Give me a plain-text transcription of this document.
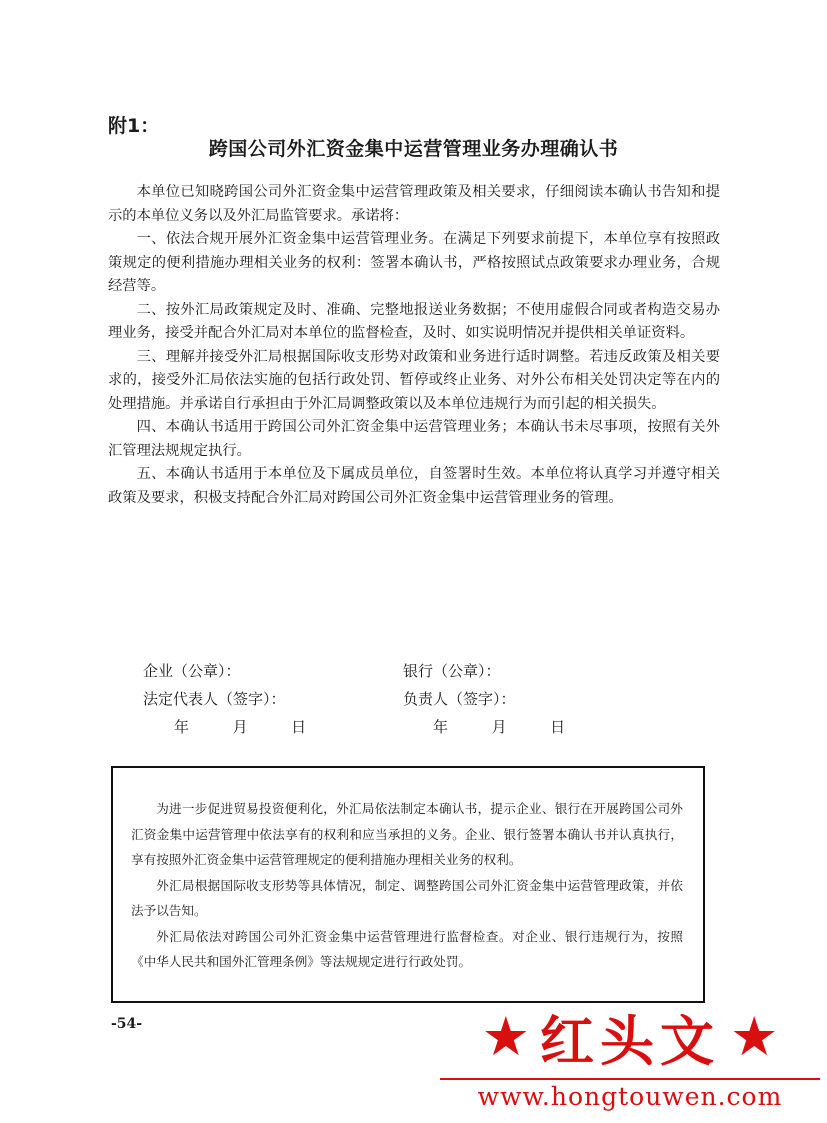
附1：
跨国公司外汇资金集中运营管理业务办理确认书

本单位已知晓跨国公司外汇资金集中运营管理政策及相关要求，仔细阅读本确认书告知和提示的本单位义务以及外汇局监管要求。承诺将：

一、依法合规开展外汇资金集中运营管理业务。在满足下列要求前提下，本单位享有按照政策规定的便利措施办理相关业务的权利：签署本确认书，严格按照试点政策要求办理业务，合规经营等。

二、按外汇局政策规定及时、准确、完整地报送业务数据；不使用虚假合同或者构造交易办理业务，接受并配合外汇局对本单位的监督检查，及时、如实说明情况并提供相关单证资料。

三、理解并接受外汇局根据国际收支形势对政策和业务进行适时调整。若违反政策及相关要求的，接受外汇局依法实施的包括行政处罚、暂停或终止业务、对外公布相关处罚决定等在内的处理措施。并承诺自行承担由于外汇局调整政策以及本单位违规行为而引起的相关损失。

四、本确认书适用于跨国公司外汇资金集中运营管理业务；本确认书未尽事项，按照有关外汇管理法规规定执行。

五、本确认书适用于本单位及下属成员单位，自签署时生效。本单位将认真学习并遵守相关政策及要求，积极支持配合外汇局对跨国公司外汇资金集中运营管理业务的管理。

企业（公章）：	银行（公章）：
法定代表人（签字）：	负责人（签字）：
年	月	日	年	月	日

为进一步促进贸易投资便利化，外汇局依法制定本确认书，提示企业、银行在开展跨国公司外汇资金集中运营管理中依法享有的权利和应当承担的义务。企业、银行签署本确认书并认真执行，享有按照外汇资金集中运营管理规定的便利措施办理相关业务的权利。

外汇局根据国际收支形势等具体情况，制定、调整跨国公司外汇资金集中运营管理政策，并依法予以告知。

外汇局依法对跨国公司外汇资金集中运营管理进行监督检查。对企业、银行违规行为，按照《中华人民共和国外汇管理条例》等法规规定进行行政处罚。

-54-	★ 红头文 ★
www.hongtouwen.com
